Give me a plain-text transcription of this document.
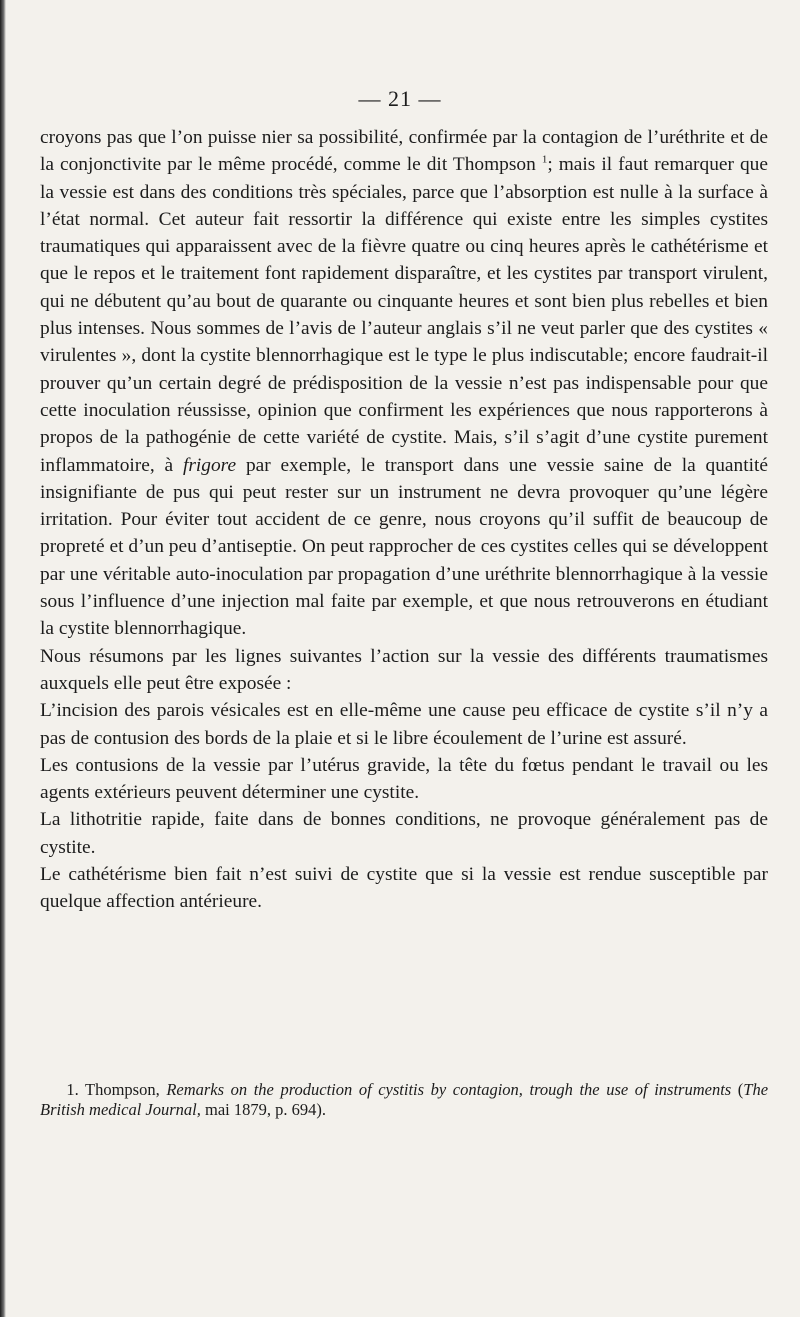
— 21 —

croyons pas que l’on puisse nier sa possibilité, confirmée par la contagion de l’uréthrite et de la conjonctivite par le même procédé, comme le dit Thompson $^1$; mais il faut remarquer que la vessie est dans des conditions très spéciales, parce que l’absorption est nulle à la surface à l’état normal. Cet auteur fait ressortir la différence qui existe entre les simples cystites traumatiques qui apparaissent avec de la fièvre quatre ou cinq heures après le cathétérisme et que le repos et le traitement font rapidement disparaître, et les cystites par transport virulent, qui ne débutent qu’au bout de quarante ou cinquante heures et sont bien plus rebelles et bien plus intenses. Nous sommes de l’avis de l’auteur anglais s’il ne veut parler que des cystites « virulentes », dont la cystite blennorrhagique est le type le plus indiscutable; encore faudrait-il prouver qu’un certain degré de prédisposition de la vessie n’est pas indispensable pour que cette inoculation réussisse, opinion que confirment les expériences que nous rapporterons à propos de la pathogénie de cette variété de cystite. Mais, s’il s’agit d’une cystite purement inflammatoire, à frigore par exemple, le transport dans une vessie saine de la quantité insignifiante de pus qui peut rester sur un instrument ne devra provoquer qu’une légère irritation. Pour éviter tout accident de ce genre, nous croyons qu’il suffit de beaucoup de propreté et d’un peu d’antiseptie. On peut rapprocher de ces cystites celles qui se développent par une véritable auto-inoculation par propagation d’une uréthrite blennorrhagique à la vessie sous l’influence d’une injection mal faite par exemple, et que nous retrouverons en étudiant la cystite blennorrhagique.

Nous résumons par les lignes suivantes l’action sur la vessie des différents traumatismes auxquels elle peut être exposée :

L’incision des parois vésicales est en elle-même une cause peu efficace de cystite s’il n’y a pas de contusion des bords de la plaie et si le libre écoulement de l’urine est assuré.

Les contusions de la vessie par l’utérus gravide, la tête du fœtus pendant le travail ou les agents extérieurs peuvent déterminer une cystite.

La lithotritie rapide, faite dans de bonnes conditions, ne provoque généralement pas de cystite.

Le cathétérisme bien fait n’est suivi de cystite que si la vessie est rendue susceptible par quelque affection antérieure.

1. Thompson, Remarks on the production of cystitis by contagion, trough the use of instruments (The British medical Journal, mai 1879, p. 694).
